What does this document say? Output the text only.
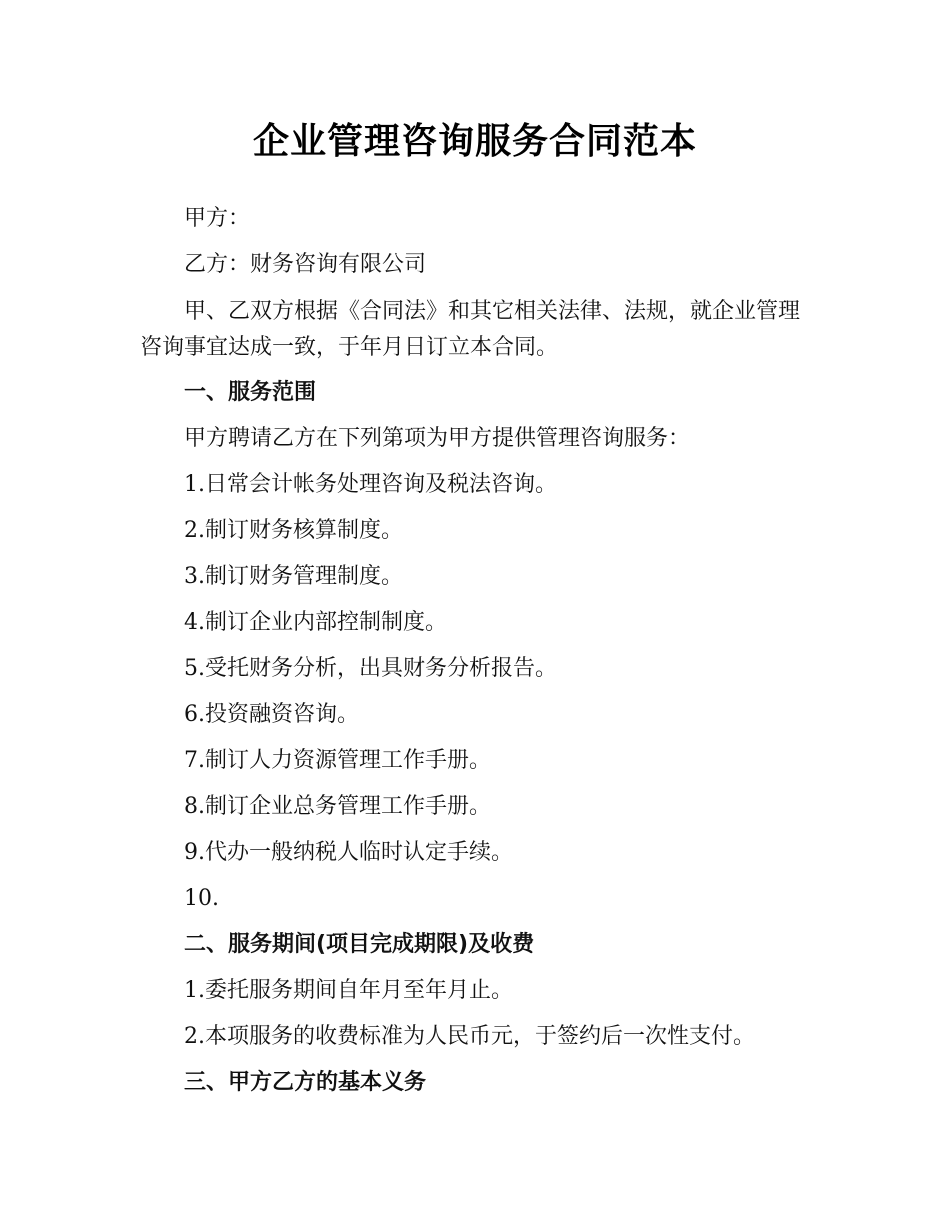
企业管理咨询服务合同范本

甲方：

乙方：财务咨询有限公司

甲、乙双方根据《合同法》和其它相关法律、法规，就企业管理咨询事宜达成一致，于年月日订立本合同。

一、服务范围

甲方聘请乙方在下列第项为甲方提供管理咨询服务：

1.日常会计帐务处理咨询及税法咨询。

2.制订财务核算制度。

3.制订财务管理制度。

4.制订企业内部控制制度。

5.受托财务分析，出具财务分析报告。

6.投资融资咨询。

7.制订人力资源管理工作手册。

8.制订企业总务管理工作手册。

9.代办一般纳税人临时认定手续。

10.

二、服务期间(项目完成期限)及收费

1.委托服务期间自年月至年月止。

2.本项服务的收费标准为人民币元，于签约后一次性支付。

三、甲方乙方的基本义务
